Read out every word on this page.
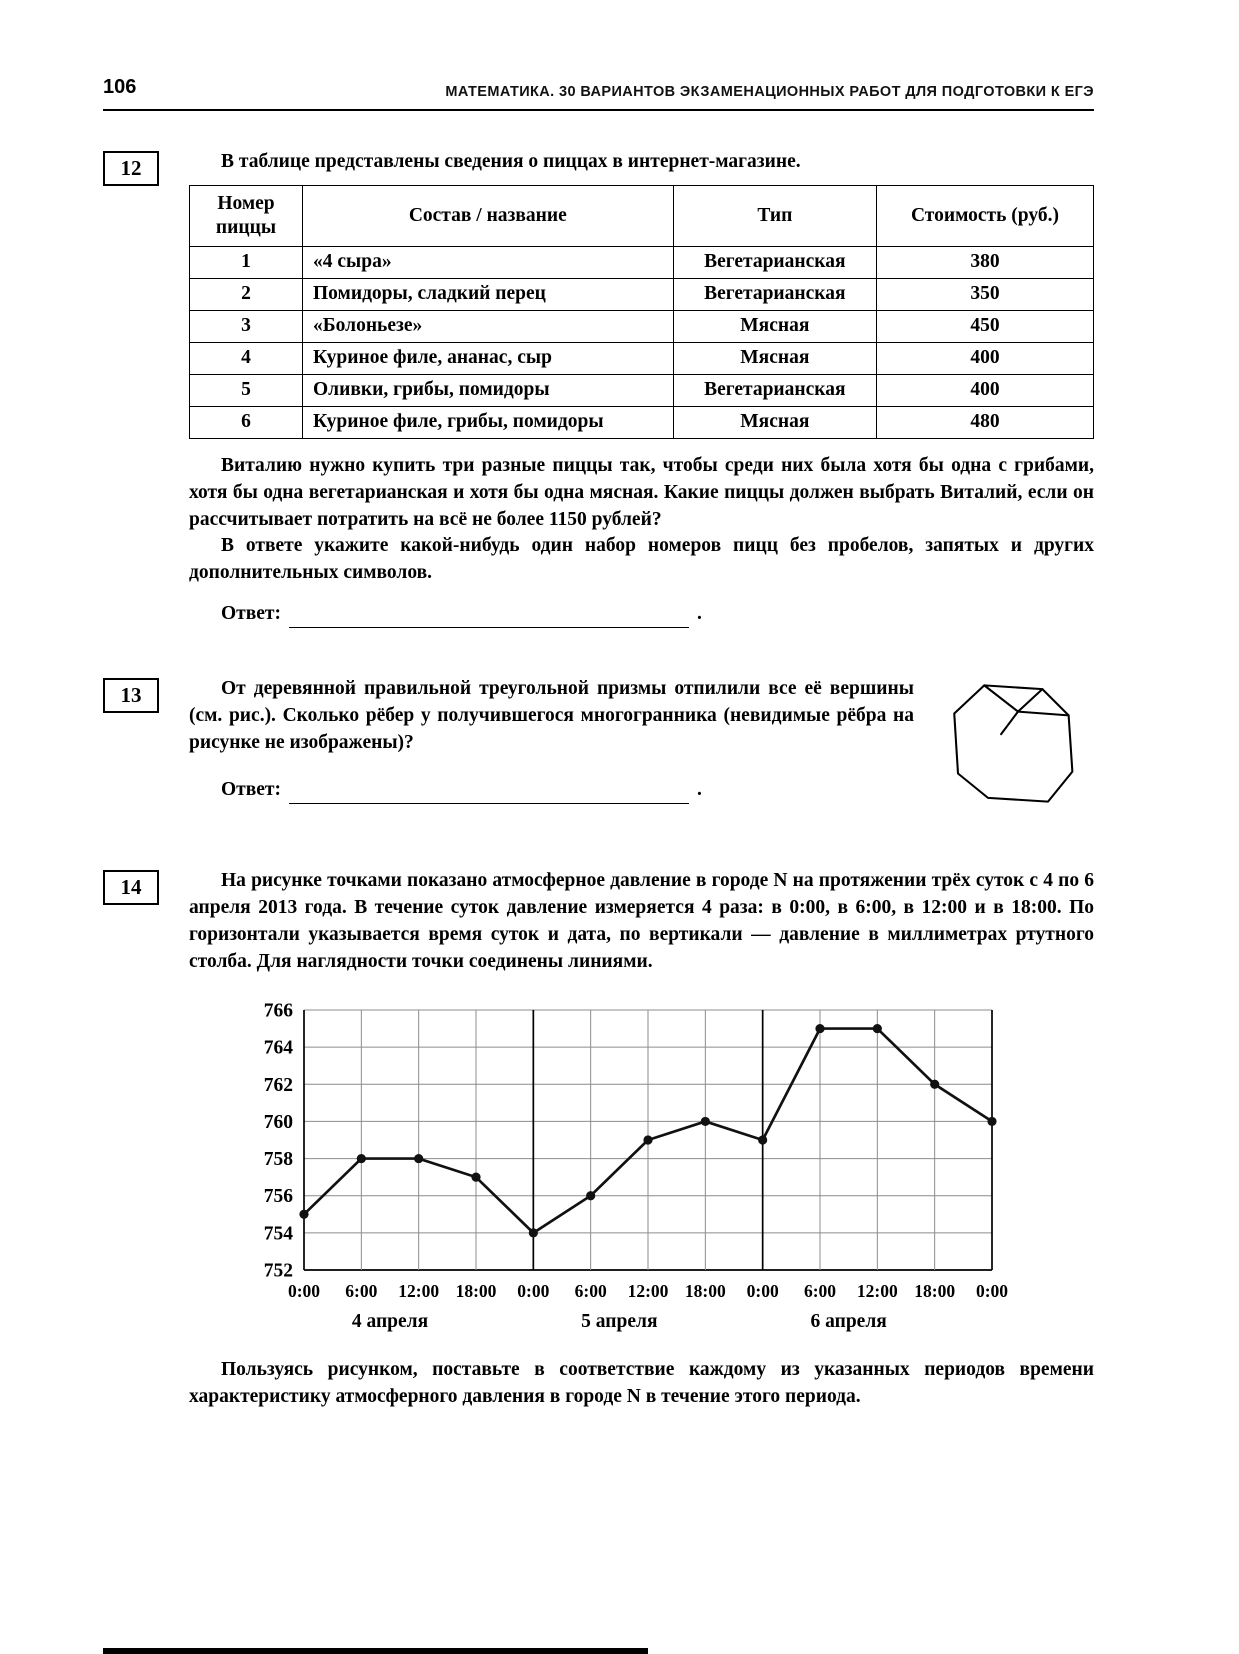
106	МАТЕМАТИКА. 30 ВАРИАНТОВ ЭКЗАМЕНАЦИОННЫХ РАБОТ ДЛЯ ПОДГОТОВКИ К ЕГЭ
12	В таблице представлены сведения о пиццах в интернет-магазине.

Номер пиццы	Состав / название	Тип	Стоимость (руб.)
1	«4 сыра»	Вегетарианская	380
2	Помидоры, сладкий перец	Вегетарианская	350
3	«Болоньезе»	Мясная	450
4	Куриное филе, ананас, сыр	Мясная	400
5	Оливки, грибы, помидоры	Вегетарианская	400
6	Куриное филе, грибы, помидоры	Мясная	480

Виталию нужно купить три разные пиццы так, чтобы среди них была хотя бы одна с грибами, хотя бы одна вегетарианская и хотя бы одна мясная. Какие пиццы должен выбрать Виталий, если он рассчитывает потратить на всё не более 1150 рублей?

В ответе укажите какой-нибудь один набор номеров пицц без пробелов, запятых и других дополнительных символов.

Ответ:	.
13	От деревянной правильной треугольной призмы отпилили все её вершины (см. рис.). Сколько рёбер у получившегося многогранника (невидимые рёбра на рисунке не изображены)?

Ответ:	.
14	На рисунке точками показано атмосферное давление в городе N на протяжении трёх суток с 4 по 6 апреля 2013 года. В течение суток давление измеряется 4 раза: в 0:00, в 6:00, в 12:00 и в 18:00. По горизонтали указывается время суток и дата, по вертикали — давление в миллиметрах ртутного столба. Для наглядности точки соединены линиями.

752
754
756
758
760
762
764
766
0:00 6:00 12:00 18:00 0:00 6:00 12:00 18:00 0:00 6:00 12:00 18:00 0:00
4 апреля	5 апреля	6 апреля

Пользуясь рисунком, поставьте в соответствие каждому из указанных периодов времени характеристику атмосферного давления в городе N в течение этого периода.
